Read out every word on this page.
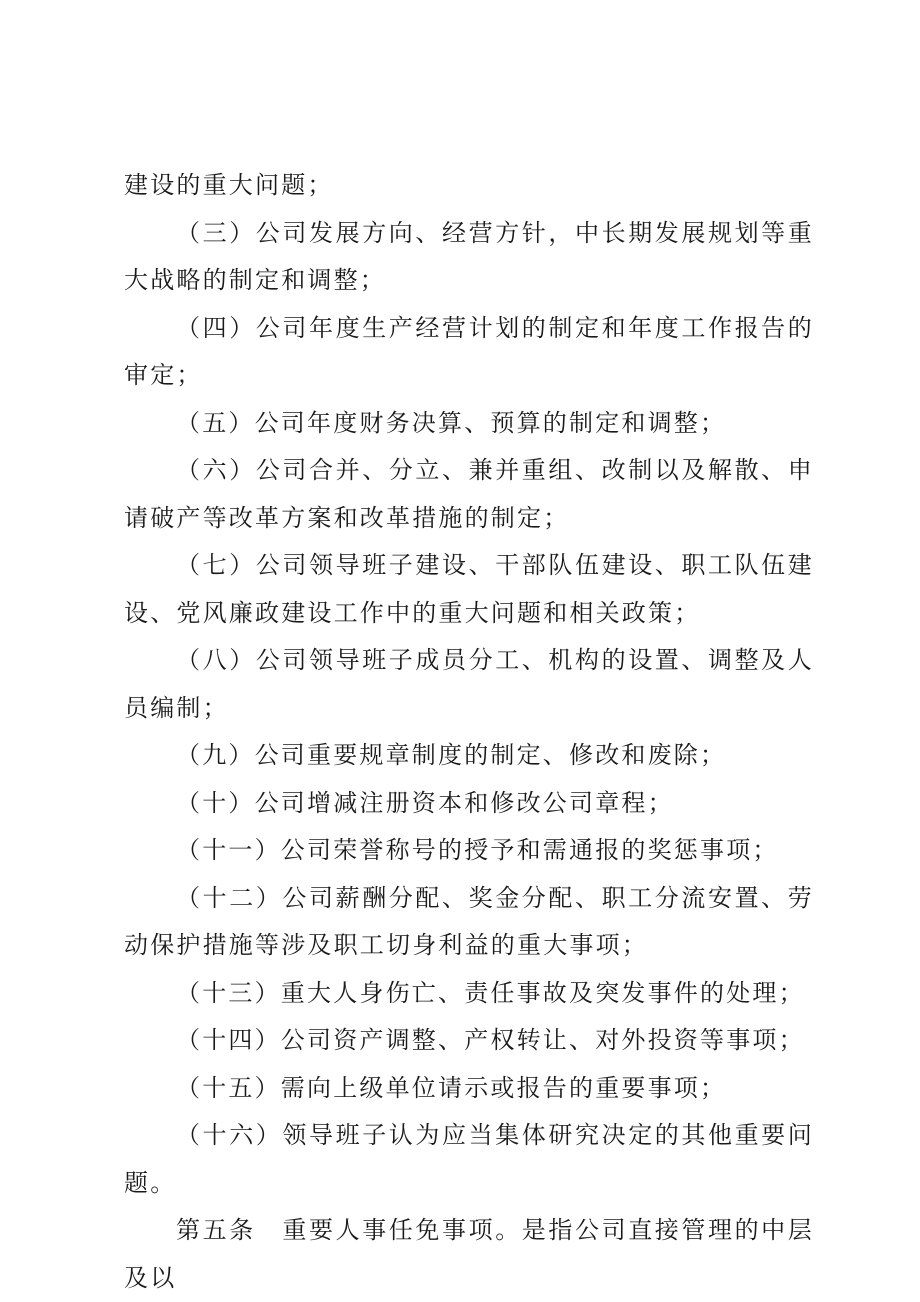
建设的重大问题；

（三）公司发展方向、经营方针，中长期发展规划等重大战略的制定和调整；

（四）公司年度生产经营计划的制定和年度工作报告的审定；

（五）公司年度财务决算、预算的制定和调整；

（六）公司合并、分立、兼并重组、改制以及解散、申请破产等改革方案和改革措施的制定；

（七）公司领导班子建设、干部队伍建设、职工队伍建设、党风廉政建设工作中的重大问题和相关政策；

（八）公司领导班子成员分工、机构的设置、调整及人员编制；

（九）公司重要规章制度的制定、修改和废除；

（十）公司增减注册资本和修改公司章程；

（十一）公司荣誉称号的授予和需通报的奖惩事项；

（十二）公司薪酬分配、奖金分配、职工分流安置、劳动保护措施等涉及职工切身利益的重大事项；

（十三）重大人身伤亡、责任事故及突发事件的处理；

（十四）公司资产调整、产权转让、对外投资等事项；

（十五）需向上级单位请示或报告的重要事项；

（十六）领导班子认为应当集体研究决定的其他重要问题。

第五条　重要人事任免事项。是指公司直接管理的中层及以
